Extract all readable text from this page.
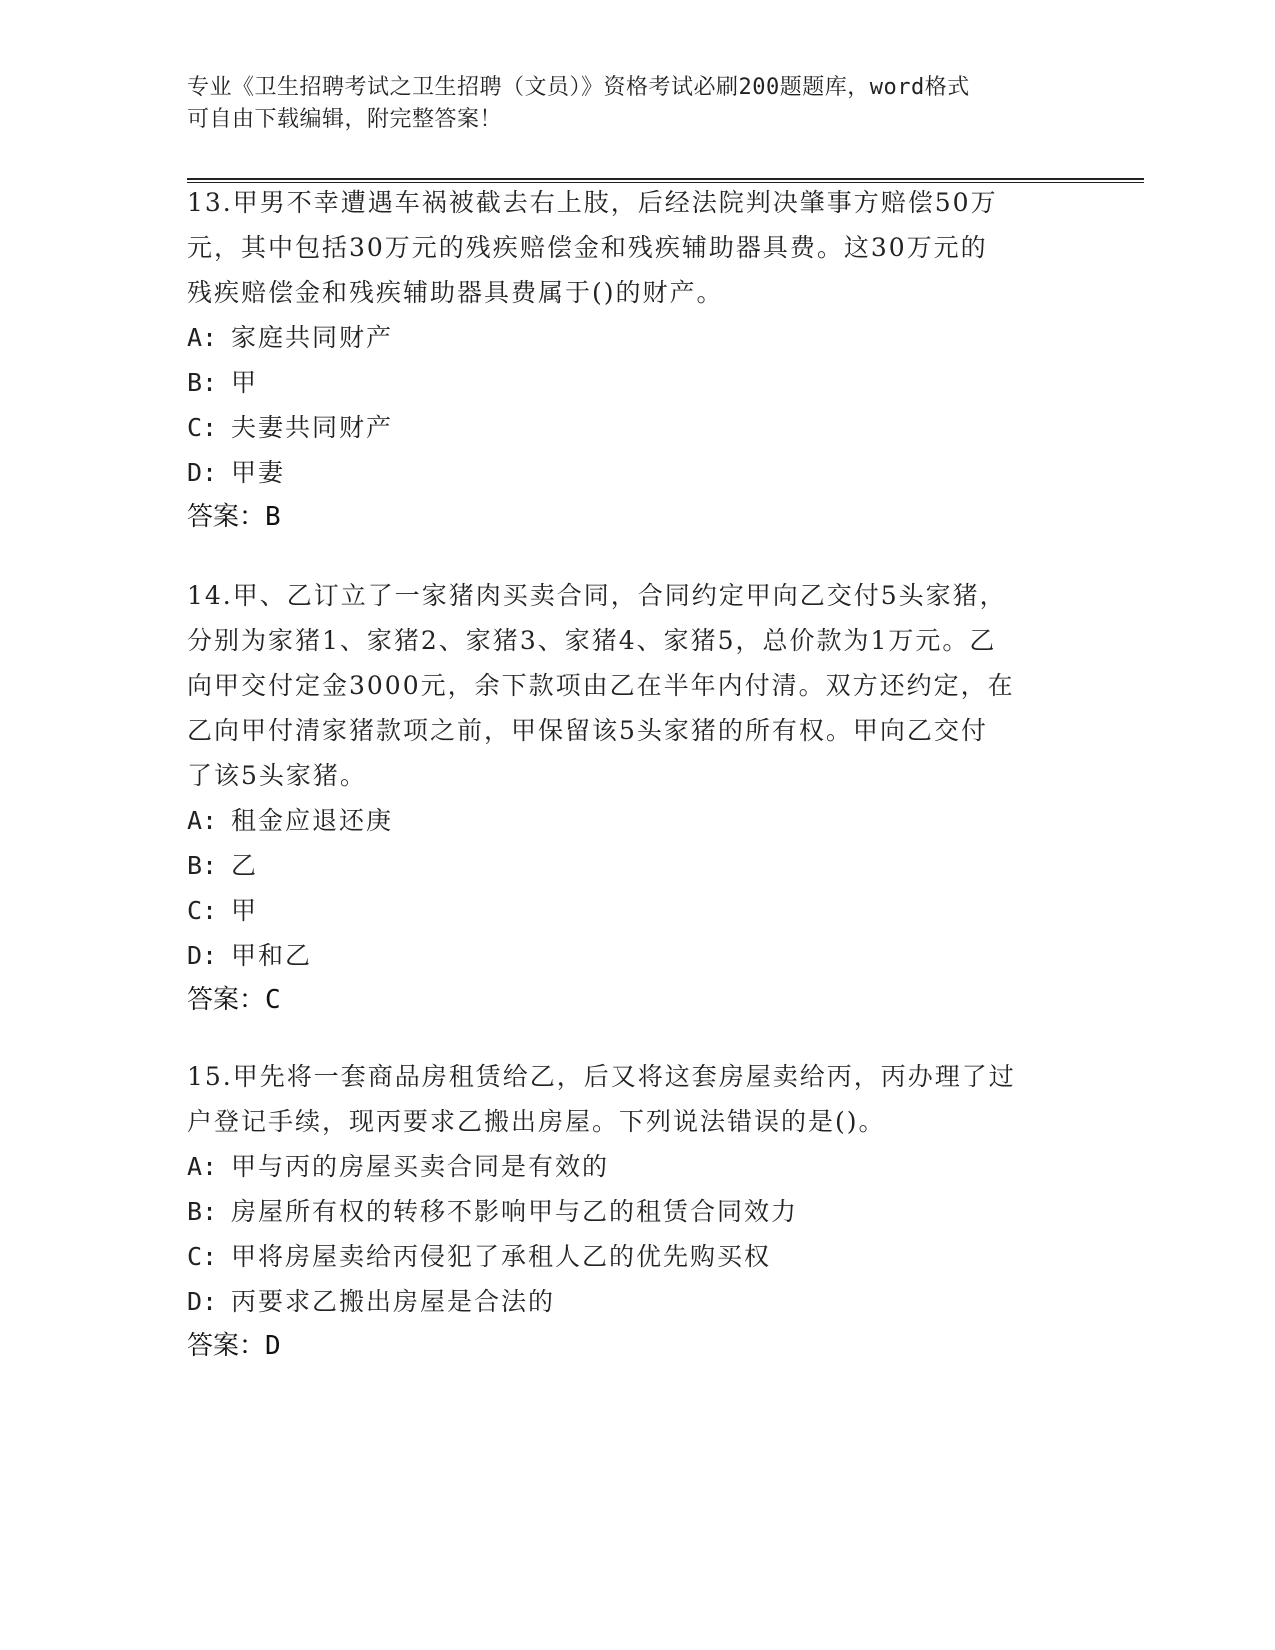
专业《卫生招聘考试之卫生招聘（文员）》资格考试必刷200题题库，word格式
可自由下载编辑，附完整答案！
13.甲男不幸遭遇车祸被截去右上肢，后经法院判决肇事方赔偿50万
元，其中包括30万元的残疾赔偿金和残疾辅助器具费。这30万元的
残疾赔偿金和残疾辅助器具费属于()的财产。
A: 家庭共同财产
B: 甲
C: 夫妻共同财产
D: 甲妻
答案：B
14.甲、乙订立了一家猪肉买卖合同，合同约定甲向乙交付5头家猪，
分别为家猪1、家猪2、家猪3、家猪4、家猪5，总价款为1万元。乙
向甲交付定金3000元，余下款项由乙在半年内付清。双方还约定，在
乙向甲付清家猪款项之前，甲保留该5头家猪的所有权。甲向乙交付
了该5头家猪。
A: 租金应退还庚
B: 乙
C: 甲
D: 甲和乙
答案：C
15.甲先将一套商品房租赁给乙，后又将这套房屋卖给丙，丙办理了过
户登记手续，现丙要求乙搬出房屋。下列说法错误的是()。
A: 甲与丙的房屋买卖合同是有效的
B: 房屋所有权的转移不影响甲与乙的租赁合同效力
C: 甲将房屋卖给丙侵犯了承租人乙的优先购买权
D: 丙要求乙搬出房屋是合法的
答案：D
